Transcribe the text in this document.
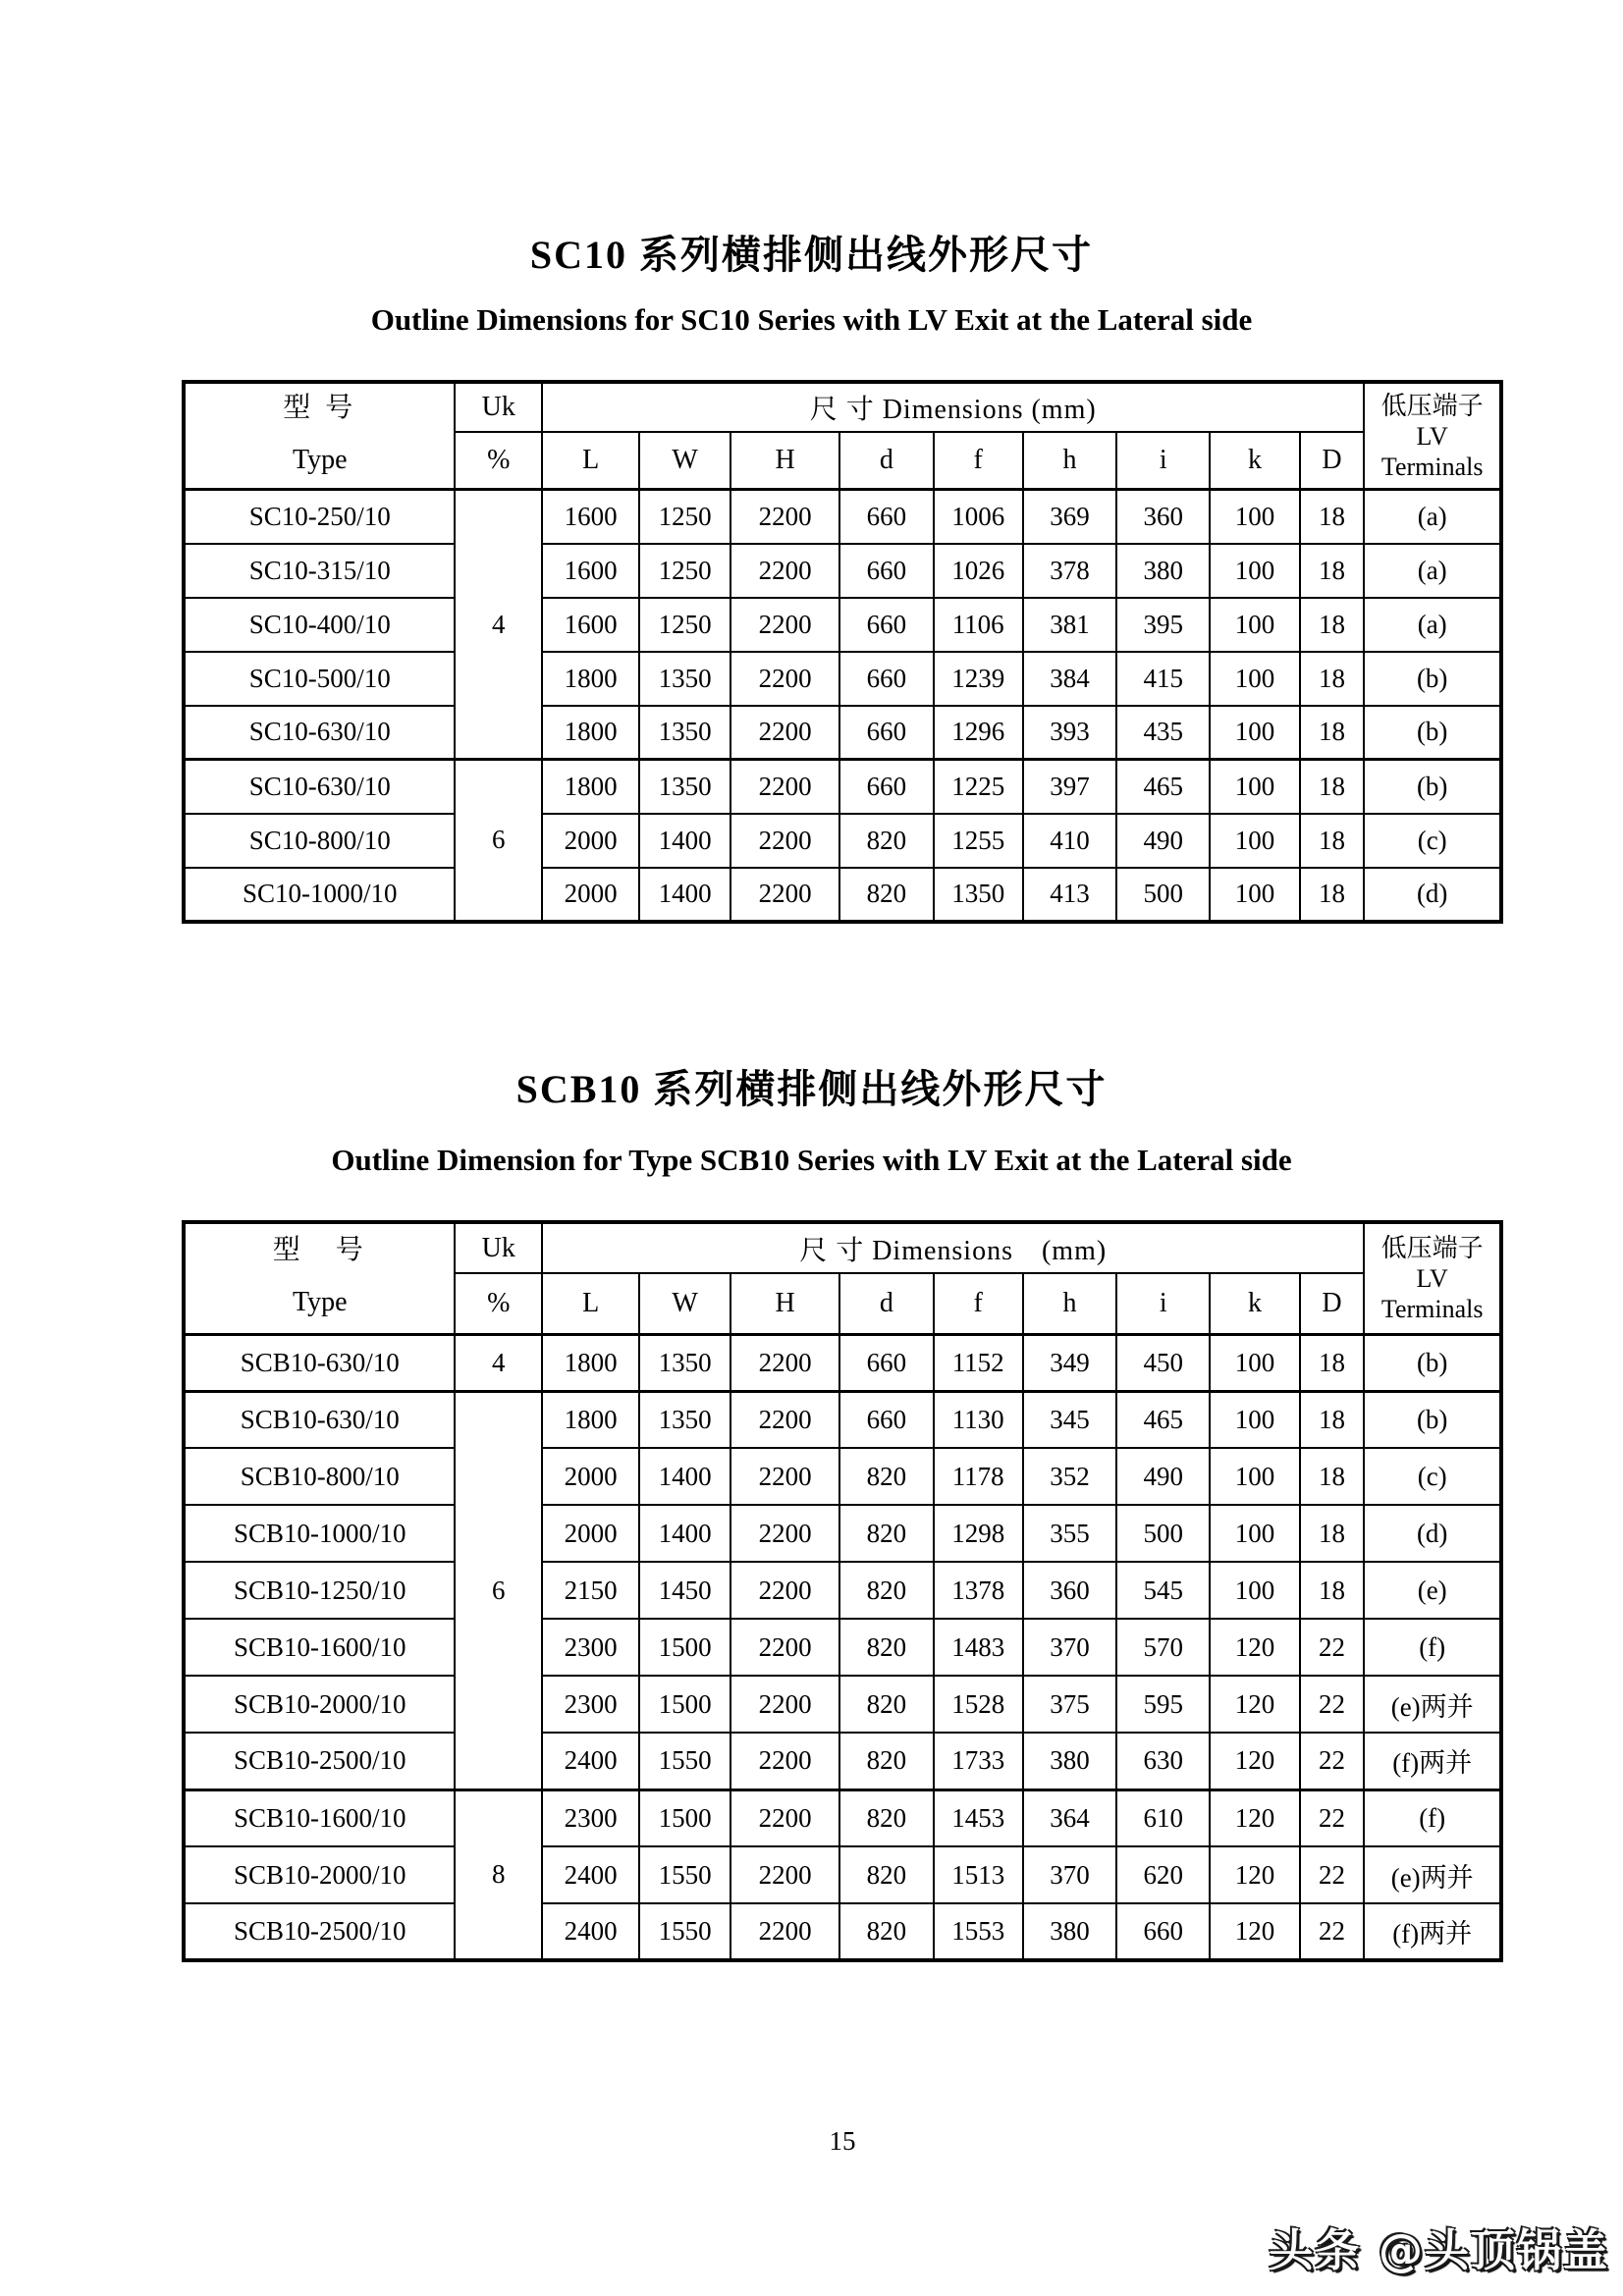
SC10 系列横排侧出线外形尺寸
Outline Dimensions for SC10 Series with LV Exit at the Lateral side
型 号
Type
	Uk	尺 寸 Dimensions (mm)	低压端子
LV
Terminals

	%	L	W	H	d	f	h	i	k	D	
SC10-250/10	4	1600	1250	2200	660	1006	369	360	100	18	(a)
SC10-315/10		1600	1250	2200	660	1026	378	380	100	18	(a)
SC10-400/10		1600	1250	2200	660	1106	381	395	100	18	(a)
SC10-500/10		1800	1350	2200	660	1239	384	415	100	18	(b)
SC10-630/10		1800	1350	2200	660	1296	393	435	100	18	(b)
SC10-630/10	6	1800	1350	2200	660	1225	397	465	100	18	(b)
SC10-800/10		2000	1400	2200	820	1255	410	490	100	18	(c)
SC10-1000/10		2000	1400	2200	820	1350	413	500	100	18	(d)
SCB10 系列横排侧出线外形尺寸
Outline Dimension for Type SCB10 Series with LV Exit at the Lateral side
型　号
Type
	Uk	尺 寸 Dimensions　(mm)	低压端子
LV
Terminals

	%	L	W	H	d	f	h	i	k	D	
SCB10-630/10	4	1800	1350	2200	660	1152	349	450	100	18	(b)
SCB10-630/10	6	1800	1350	2200	660	1130	345	465	100	18	(b)
SCB10-800/10		2000	1400	2200	820	1178	352	490	100	18	(c)
SCB10-1000/10		2000	1400	2200	820	1298	355	500	100	18	(d)
SCB10-1250/10		2150	1450	2200	820	1378	360	545	100	18	(e)
SCB10-1600/10		2300	1500	2200	820	1483	370	570	120	22	(f)
SCB10-2000/10		2300	1500	2200	820	1528	375	595	120	22	(e)两并
SCB10-2500/10		2400	1550	2200	820	1733	380	630	120	22	(f)两并
SCB10-1600/10	8	2300	1500	2200	820	1453	364	610	120	22	(f)
SCB10-2000/10		2400	1550	2200	820	1513	370	620	120	22	(e)两并
SCB10-2500/10		2400	1550	2200	820	1553	380	660	120	22	(f)两并
15
头条 @头顶锅盖
